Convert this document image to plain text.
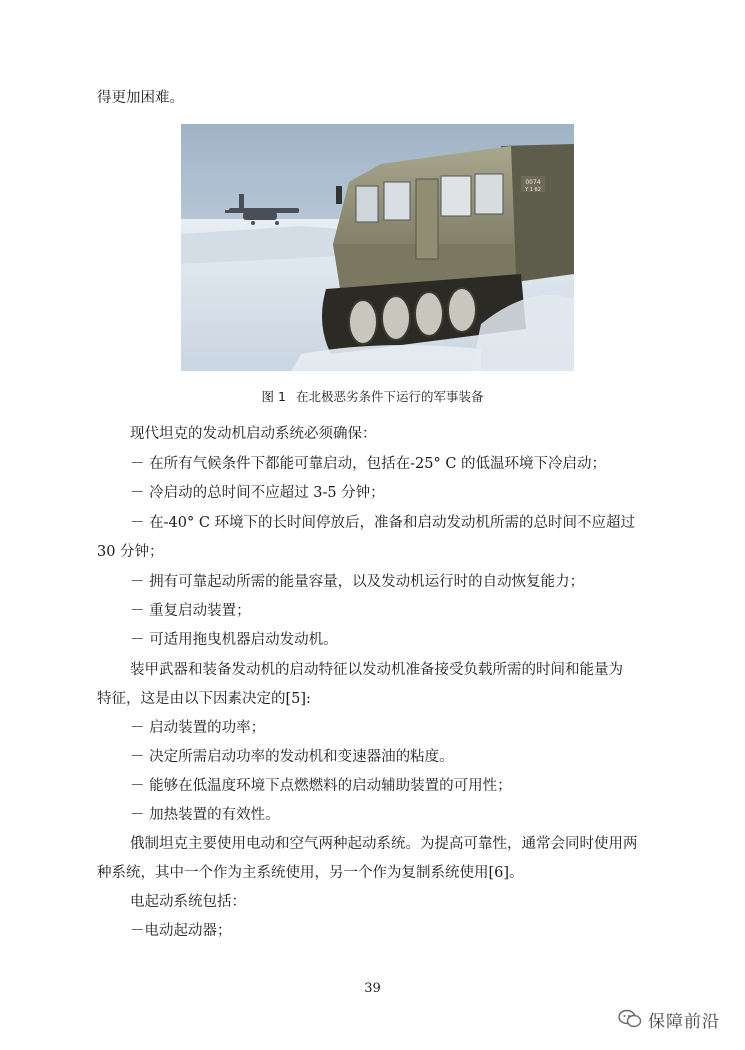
得更加困难。
0074
Y 1 62
图 1 在北极恶劣条件下运行的军事装备
现代坦克的发动机启动系统必须确保：
－ 在所有气候条件下都能可靠启动，包括在-25° C 的低温环境下冷启动；
－ 冷启动的总时间不应超过 3-5 分钟；
－ 在-40° C 环境下的长时间停放后，准备和启动发动机所需的总时间不应超过
30 分钟；
－ 拥有可靠起动所需的能量容量，以及发动机运行时的自动恢复能力；
－ 重复启动装置；
－ 可适用拖曳机器启动发动机。
装甲武器和装备发动机的启动特征以发动机准备接受负载所需的时间和能量为
特征，这是由以下因素决定的[5]:
－ 启动装置的功率；
－ 决定所需启动功率的发动机和变速器油的粘度。
－ 能够在低温度环境下点燃燃料的启动辅助装置的可用性；
－ 加热装置的有效性。
俄制坦克主要使用电动和空气两种起动系统。为提高可靠性，通常会同时使用两
种系统，其中一个作为主系统使用，另一个作为复制系统使用[6]。
电起动系统包括：
－电动起动器；
39
保障前沿
